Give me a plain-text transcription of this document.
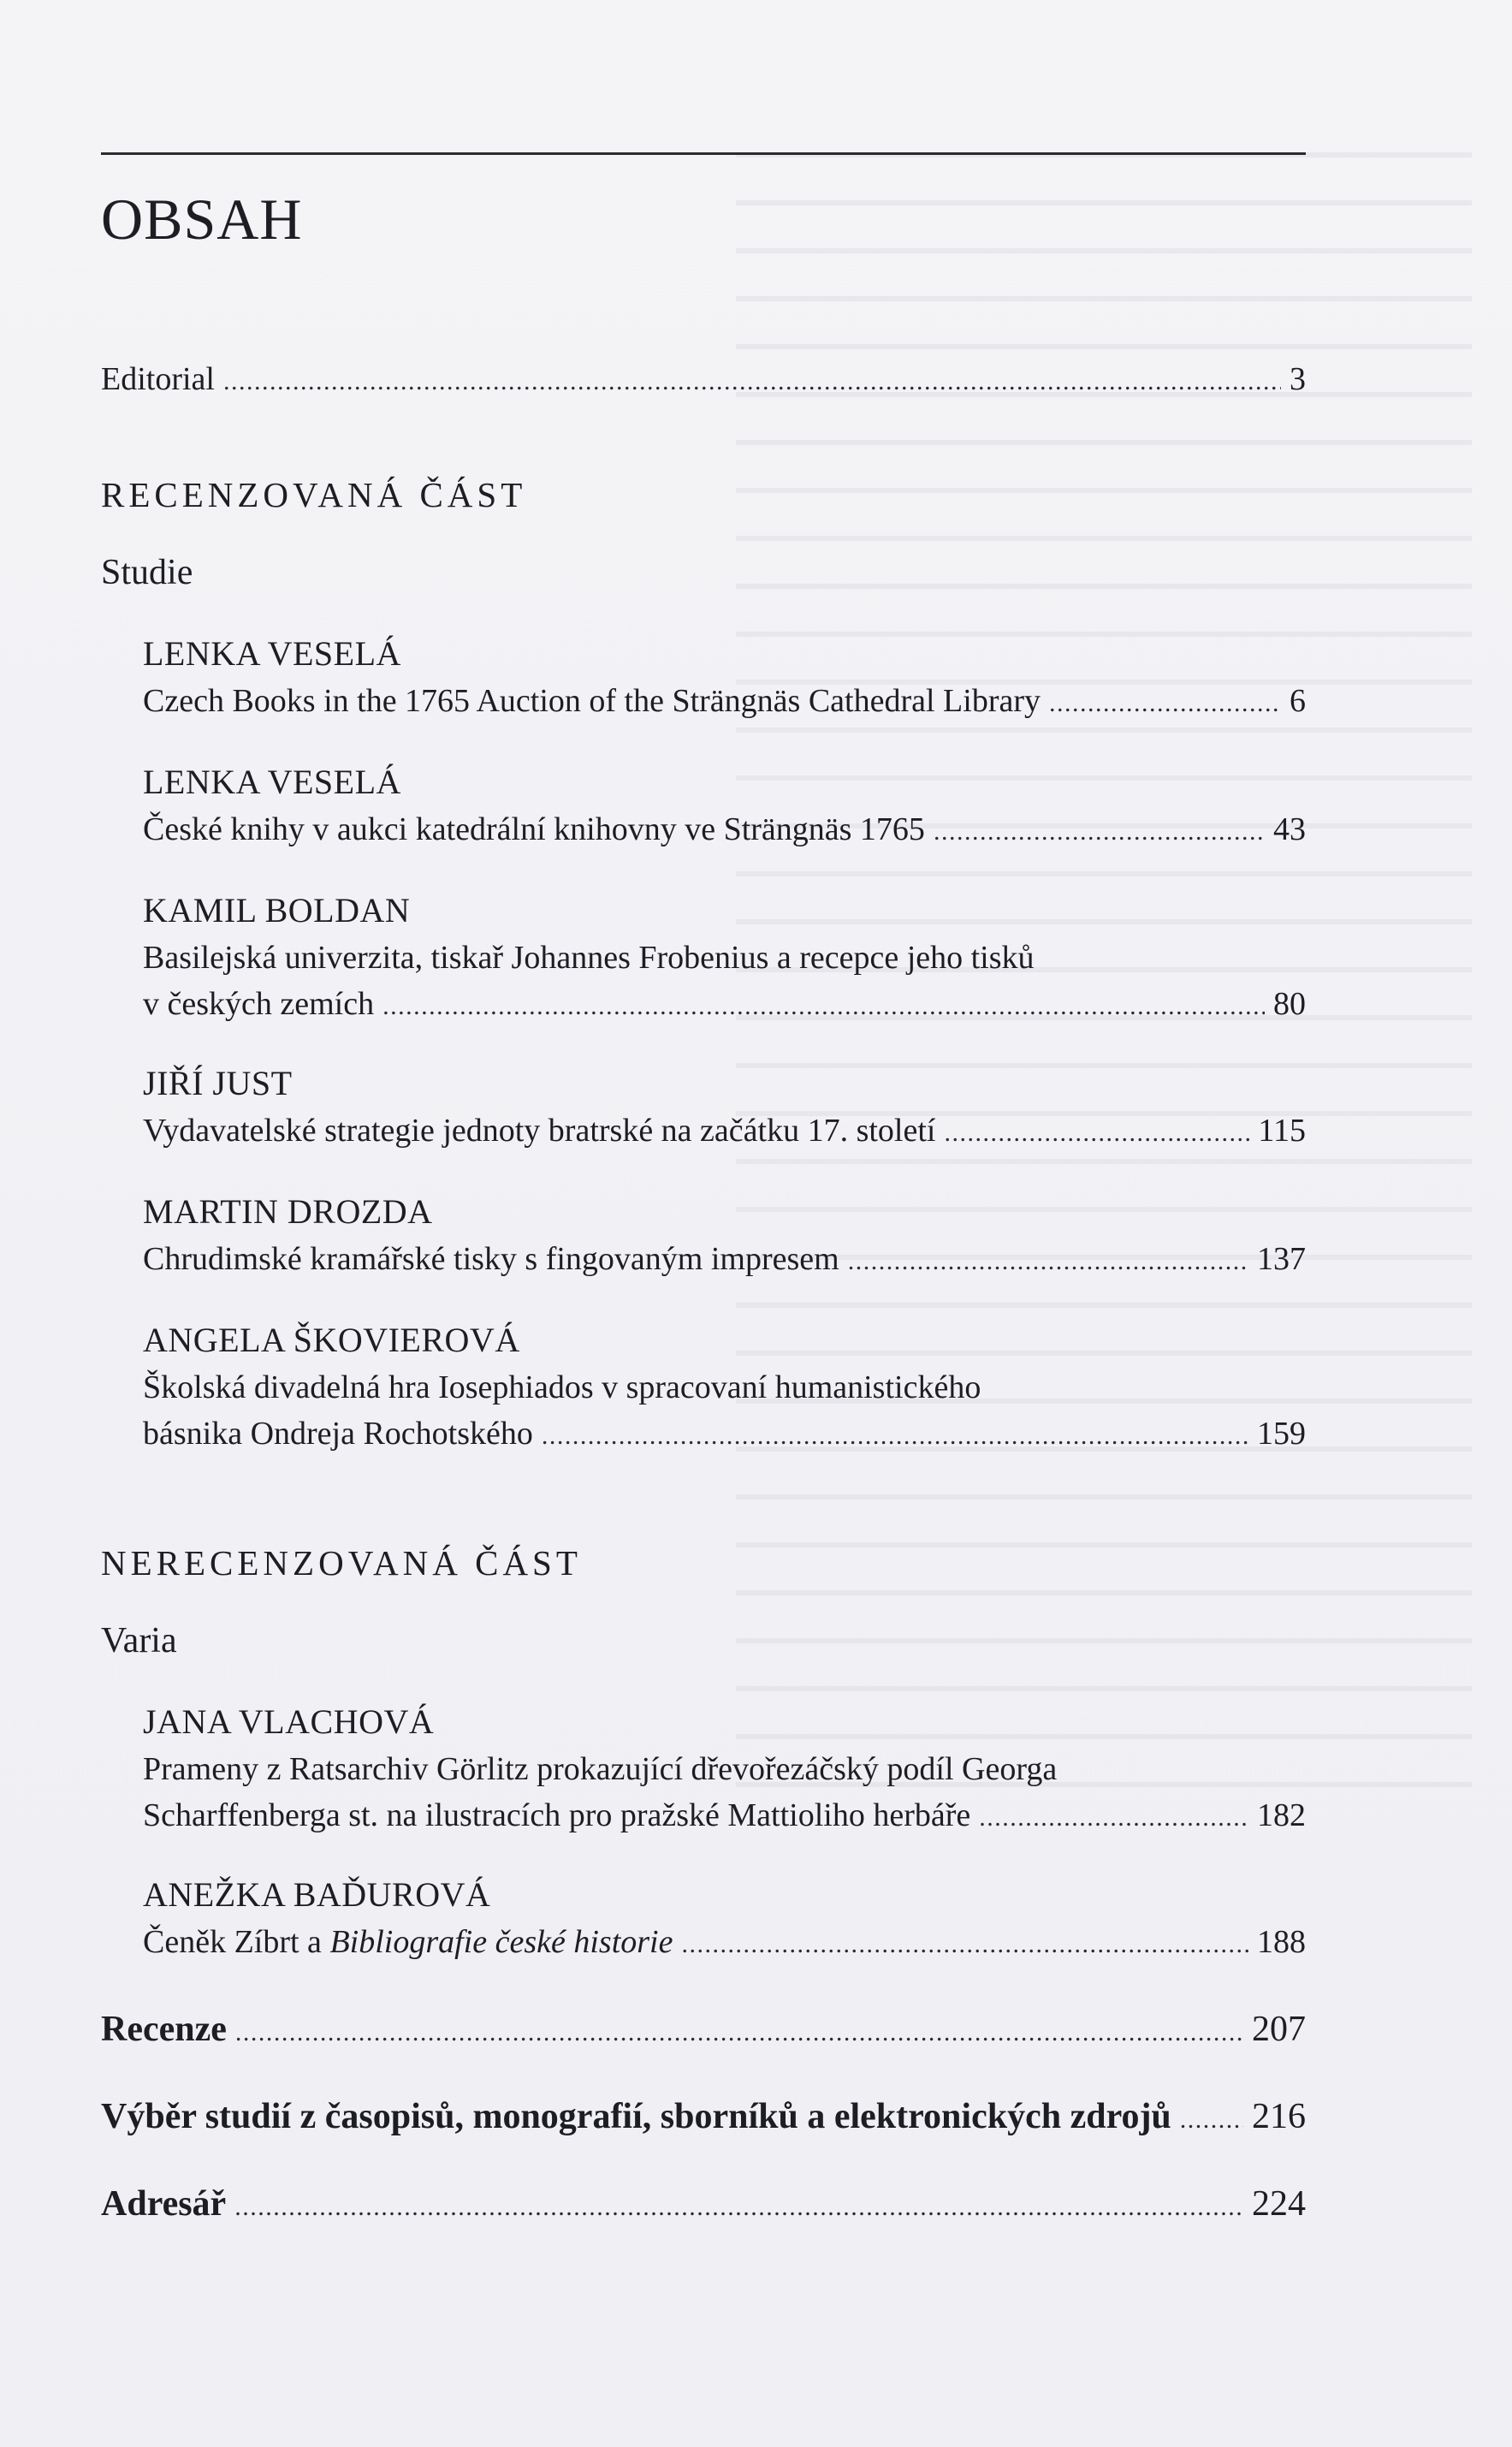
OBSAH
Editorial . . .	3
RECENZOVANÁ ČÁST
Studie
LENKA VESELÁ
Czech Books in the 1765 Auction of the Strängnäs Cathedral Library . . .	6
LENKA VESELÁ
České knihy v aukci katedrální knihovny ve Strängnäs 1765 . . .	43
KAMIL BOLDAN
Basilejská univerzita, tiskař Johannes Frobenius a recepce jeho tisků
v českých zemích . . .	80
JIŘÍ JUST
Vydavatelské strategie jednoty bratrské na začátku 17. století . . .	115
MARTIN DROZDA
Chrudimské kramářské tisky s fingovaným impresem . . .	137
ANGELA ŠKOVIEROVÁ
Školská divadelná hra Iosephiados v spracovaní humanistického
básnika Ondreja Rochotského . . .	159
NERECENZOVANÁ ČÁST
Varia
JANA VLACHOVÁ
Prameny z Ratsarchiv Görlitz prokazující dřevořezáčský podíl Georga
Scharffenberga st. na ilustracích pro pražské Mattioliho herbáře . . .	182
ANEŽKA BAĎUROVÁ
Čeněk Zíbrt a Bibliografie české historie . . .	188
Recenze . . .	207
Výběr studií z časopisů, monografií, sborníků a elektronických zdrojů . . . 216
Adresář . . .	224
